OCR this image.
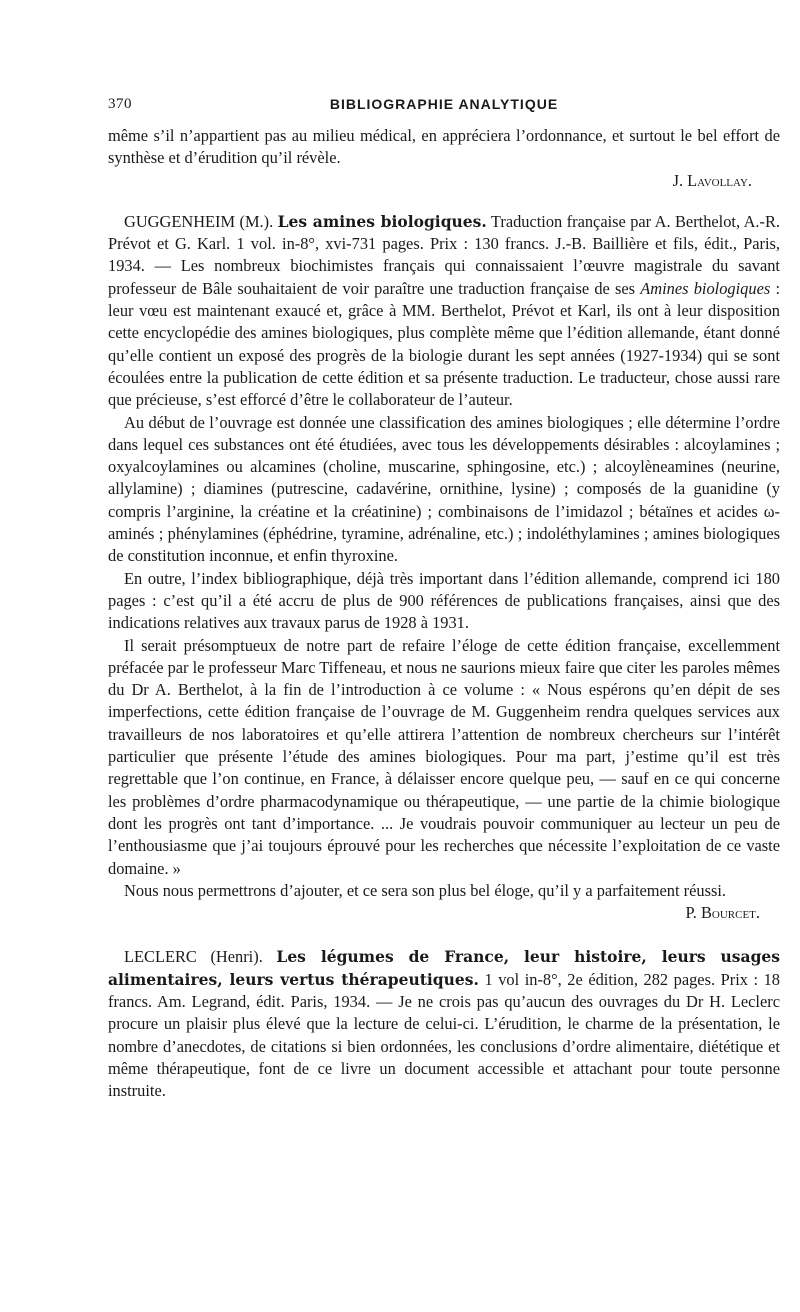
370	BIBLIOGRAPHIE ANALYTIQUE

même s’il n’appartient pas au milieu médical, en appréciera l’ordonnance, et surtout le bel effort de synthèse et d’érudition qu’il révèle.

J. Lavollay.

GUGGENHEIM (M.). Les amines biologiques. Traduction française par A. Berthelot, A.-R. Prévot et G. Karl. 1 vol. in-8°, xvi-731 pages. Prix : 130 francs. J.-B. Baillière et fils, édit., Paris, 1934. — Les nombreux biochimistes français qui connaissaient l’œuvre magistrale du savant professeur de Bâle souhaitaient de voir paraître une traduction française de ses Amines biologiques : leur vœu est maintenant exaucé et, grâce à MM. Berthelot, Prévot et Karl, ils ont à leur disposition cette encyclopédie des amines biologiques, plus complète même que l’édition allemande, étant donné qu’elle contient un exposé des progrès de la biologie durant les sept années (1927-1934) qui se sont écoulées entre la publication de cette édition et sa présente traduction. Le traducteur, chose aussi rare que précieuse, s’est efforcé d’être le collaborateur de l’auteur.

Au début de l’ouvrage est donnée une classification des amines biologiques ; elle détermine l’ordre dans lequel ces substances ont été étudiées, avec tous les développements désirables : alcoylamines ; oxyalcoylamines ou alcamines (choline, muscarine, sphingosine, etc.) ; alcoylèneamines (neurine, allylamine) ; diamines (putrescine, cadavérine, ornithine, lysine) ; composés de la guanidine (y compris l’arginine, la créatine et la créatinine) ; combinaisons de l’imidazol ; bétaïnes et acides ω-aminés ; phénylamines (éphédrine, tyramine, adrénaline, etc.) ; indoléthylamines ; amines biologiques de constitution inconnue, et enfin thyroxine.

En outre, l’index bibliographique, déjà très important dans l’édition allemande, comprend ici 180 pages : c’est qu’il a été accru de plus de 900 références de publications françaises, ainsi que des indications relatives aux travaux parus de 1928 à 1931.

Il serait présomptueux de notre part de refaire l’éloge de cette édition française, excellemment préfacée par le professeur Marc Tiffeneau, et nous ne saurions mieux faire que citer les paroles mêmes du Dr A. Berthelot, à la fin de l’introduction à ce volume : « Nous espérons qu’en dépit de ses imperfections, cette édition française de l’ouvrage de M. Guggenheim rendra quelques services aux travailleurs de nos laboratoires et qu’elle attirera l’attention de nombreux chercheurs sur l’intérêt particulier que présente l’étude des amines biologiques. Pour ma part, j’estime qu’il est très regrettable que l’on continue, en France, à délaisser encore quelque peu, — sauf en ce qui concerne les problèmes d’ordre pharmacodynamique ou thérapeutique, — une partie de la chimie biologique dont les progrès ont tant d’importance. ... Je voudrais pouvoir communiquer au lecteur un peu de l’enthousiasme que j’ai toujours éprouvé pour les recherches que nécessite l’exploitation de ce vaste domaine. »

Nous nous permettrons d’ajouter, et ce sera son plus bel éloge, qu’il y a parfaitement réussi.

P. Bourcet.

LECLERC (Henri). Les légumes de France, leur histoire, leurs usages alimentaires, leurs vertus thérapeutiques. 1 vol in-8°, 2e édition, 282 pages. Prix : 18 francs. Am. Legrand, édit. Paris, 1934. — Je ne crois pas qu’aucun des ouvrages du Dr H. Leclerc procure un plaisir plus élevé que la lecture de celui-ci. L’érudition, le charme de la présentation, le nombre d’anecdotes, de citations si bien ordonnées, les conclusions d’ordre alimentaire, diététique et même thérapeutique, font de ce livre un document accessible et attachant pour toute personne instruite.
